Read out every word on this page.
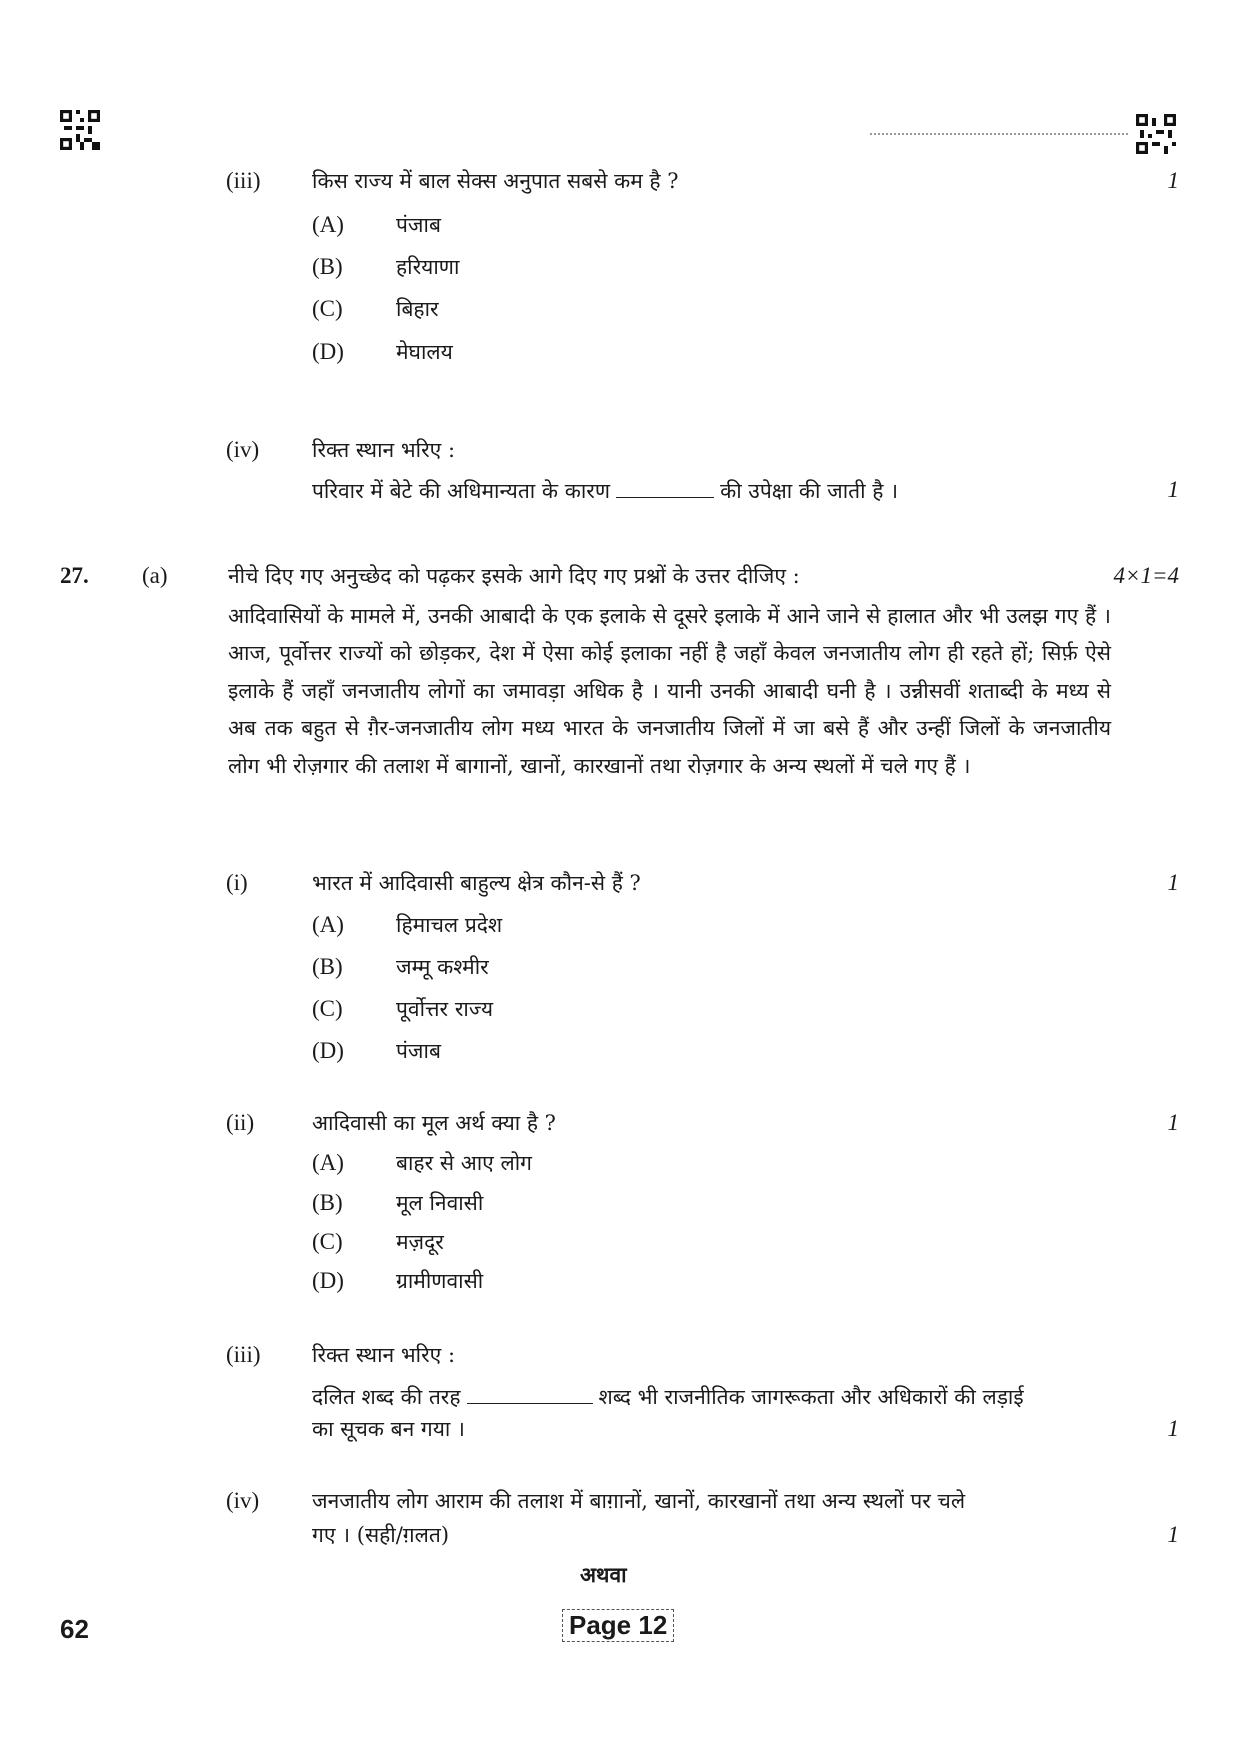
(iii) किस राज्य में बाल सेक्स अनुपात सबसे कम है ?	1
(A) पंजाब
(B)	हरियाणा
(C)	बिहार
(D) मेघालय
(iv)	रिक्त स्थान भरिए :
परिवार में बेटे की अधिमान्यता के कारण	की उपेक्षा की जाती है ।	1
27. (a)	नीचे दिए गए अनुच्छेद को पढ़कर इसके आगे दिए गए प्रश्नों के उत्तर दीजिए :	4×1=4
आदिवासियों के मामले में, उनकी आबादी के एक इलाके से दूसरे इलाके में आने जाने से हालात और भी उलझ गए हैं । आज, पूर्वोत्तर राज्यों को छोड़कर, देश में ऐसा कोई इलाका नहीं है जहाँ केवल जनजातीय लोग ही रहते हों; सिर्फ़ ऐसे इलाके हैं जहाँ जनजातीय लोगों का जमावड़ा अधिक है । यानी उनकी आबादी घनी है । उन्नीसवीं शताब्दी के मध्य से अब तक बहुत से ग़ैर-जनजातीय लोग मध्य भारत के जनजातीय जिलों में जा बसे हैं और उन्हीं जिलों के जनजातीय लोग भी रोज़गार की तलाश में बागानों, खानों, कारखानों तथा रोज़गार के अन्य स्थलों में चले गए हैं ।
(i)	भारत में आदिवासी बाहुल्य क्षेत्र कौन-से हैं ?	1
(A) हिमाचल प्रदेश
(B)	जम्मू कश्मीर
(C)	पूर्वोत्तर राज्य
(D) पंजाब
(ii)	आदिवासी का मूल अर्थ क्या है ?	1
(A) बाहर से आए लोग
(B)	मूल निवासी
(C)	मज़दूर
(D) ग्रामीणवासी
(iii) रिक्त स्थान भरिए :
दलित शब्द की तरह	शब्द भी राजनीतिक जागरूकता और अधिकारों की लड़ाई
का सूचक बन गया ।	1
(iv)	जनजातीय लोग आराम की तलाश में बाग़ानों, खानों, कारखानों तथा अन्य स्थलों पर चले
गए । (सही/ग़लत)	1
अथवा
62	Page 12
